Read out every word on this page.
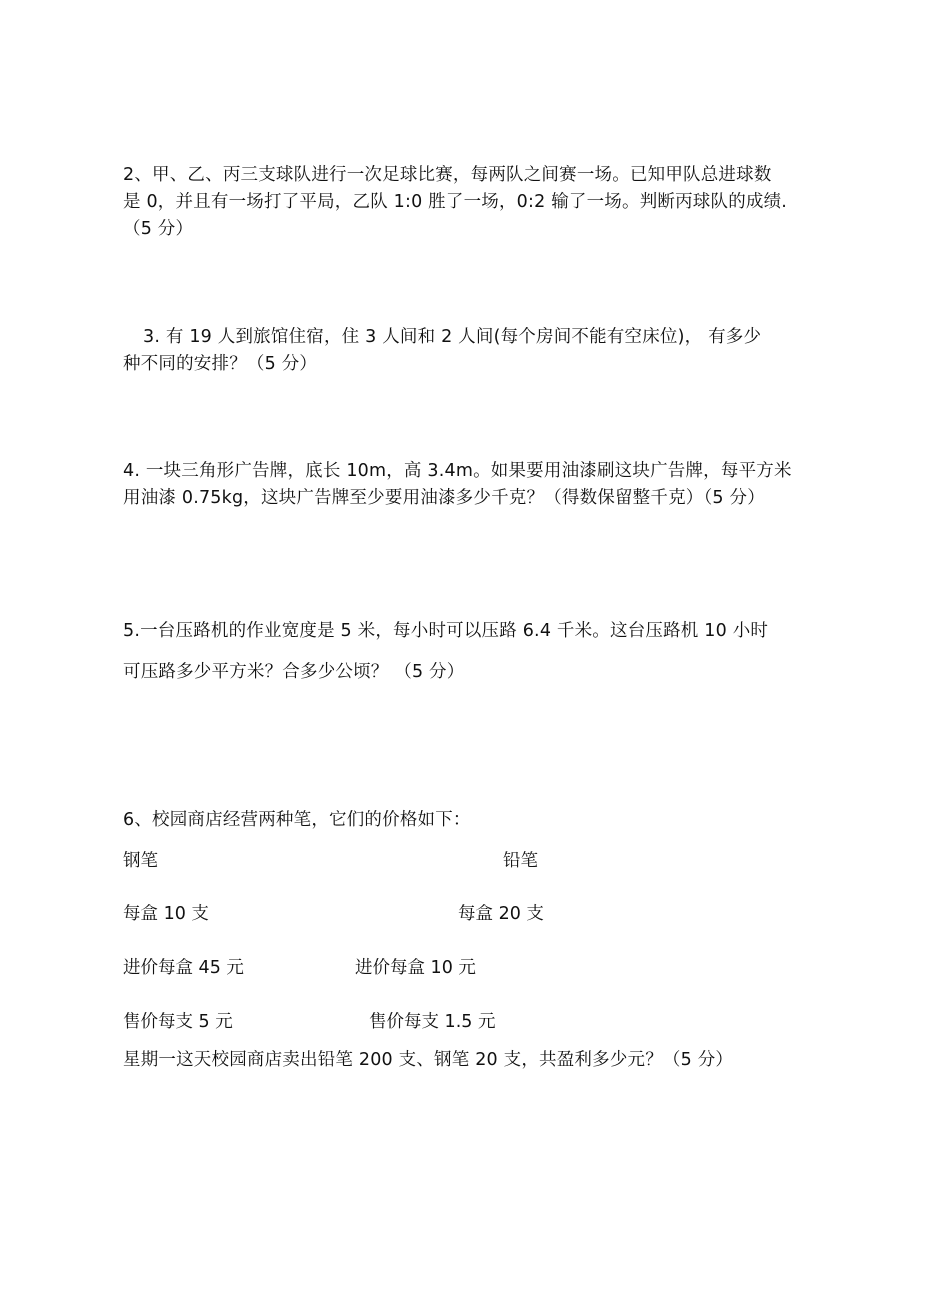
2、甲、乙、丙三支球队进行一次足球比赛，每两队之间赛一场。已知甲队总进球数
是 0，并且有一场打了平局，乙队 1:0 胜了一场，0:2 输了一场。判断丙球队的成绩.
（5 分）
3. 有 19 人到旅馆住宿，住 3 人间和 2 人间(每个房间不能有空床位)， 有多少
种不同的安排？（5 分）
4. 一块三角形广告牌，底长 10m，高 3.4m。如果要用油漆刷这块广告牌，每平方米
用油漆 0.75kg，这块广告牌至少要用油漆多少千克？（得数保留整千克）（5 分）
5.一台压路机的作业宽度是 5 米，每小时可以压路 6.4 千米。这台压路机 10 小时
可压路多少平方米？合多少公顷？ （5 分）
6、校园商店经营两种笔，它们的价格如下：
钢笔	铅笔
每盒 10 支	每盒 20 支
进价每盒 45 元	进价每盒 10 元
售价每支 5 元	售价每支 1.5 元
星期一这天校园商店卖出铅笔 200 支、钢笔 20 支，共盈利多少元？（5 分）
